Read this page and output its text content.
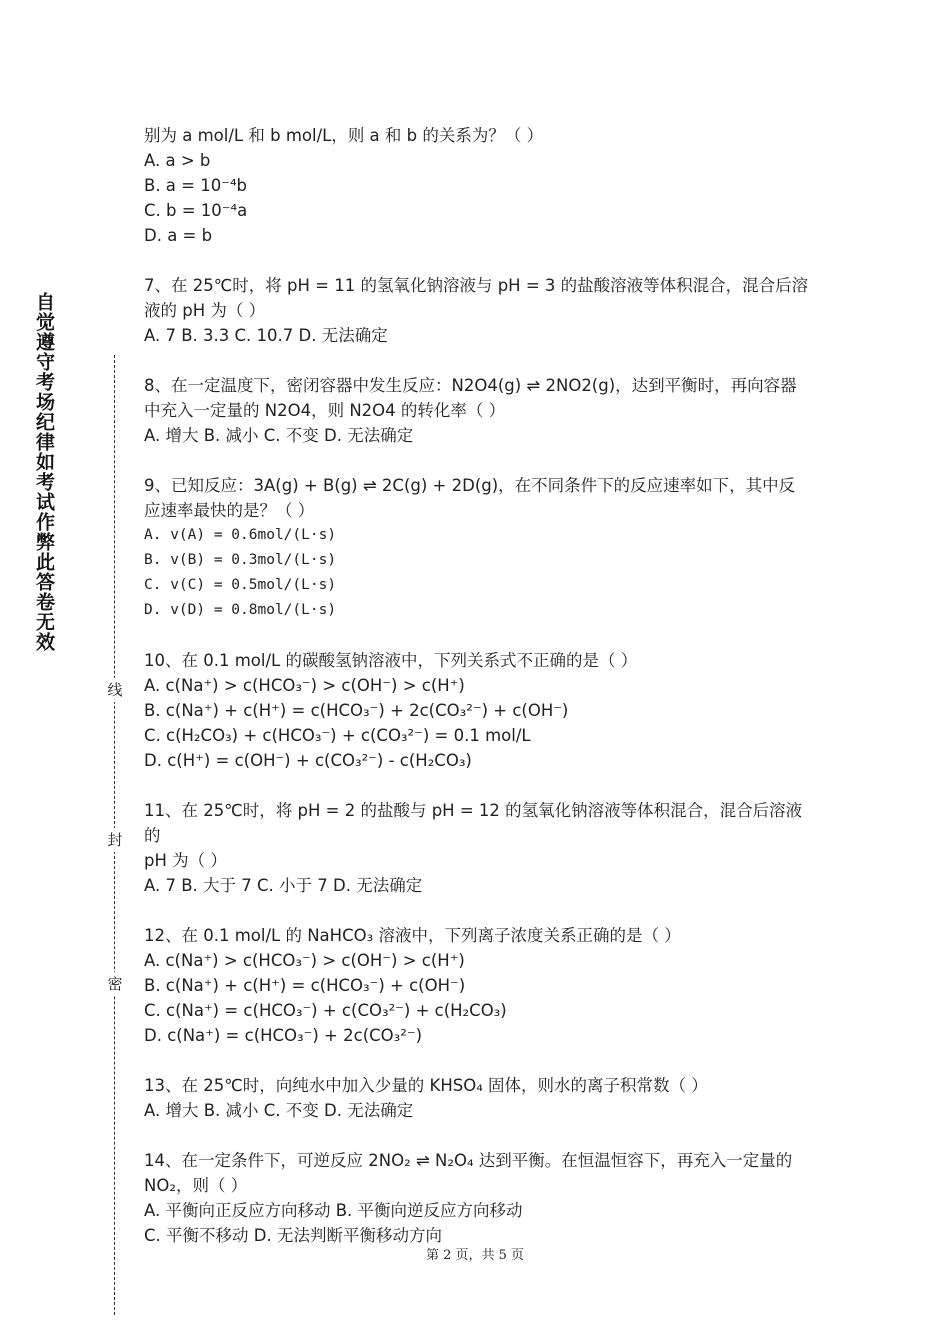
自觉遵守考场纪律如考试作弊此答卷无效
线
封
密

别为 a mol/L 和 b mol/L，则 a 和 b 的关系为？（ ）

A. a > b

B. a = 10⁻⁴b

C. b = 10⁻⁴a

D. a = b

7、在 25℃时，将 pH = 11 的氢氧化钠溶液与 pH = 3 的盐酸溶液等体积混合，混合后溶

液的 pH 为（ ）

A. 7 B. 3.3 C. 10.7 D. 无法确定

8、在一定温度下，密闭容器中发生反应：N2O4(g) ⇌ 2NO2(g)，达到平衡时，再向容器

中充入一定量的 N2O4，则 N2O4 的转化率（ ）

A. 增大 B. 减小 C. 不变 D. 无法确定

9、已知反应：3A(g) + B(g) ⇌ 2C(g) + 2D(g)，在不同条件下的反应速率如下，其中反

应速率最快的是？（ ）

A. v(A) = 0.6mol/(L·s)

B. v(B) = 0.3mol/(L·s)

C. v(C) = 0.5mol/(L·s)

D. v(D) = 0.8mol/(L·s)

10、在 0.1 mol/L 的碳酸氢钠溶液中，下列关系式不正确的是（ ）

A. c(Na⁺) > c(HCO₃⁻) > c(OH⁻) > c(H⁺)

B. c(Na⁺) + c(H⁺) = c(HCO₃⁻) + 2c(CO₃²⁻) + c(OH⁻)

C. c(H₂CO₃) + c(HCO₃⁻) + c(CO₃²⁻) = 0.1 mol/L

D. c(H⁺) = c(OH⁻) + c(CO₃²⁻) - c(H₂CO₃)

11、在 25℃时，将 pH = 2 的盐酸与 pH = 12 的氢氧化钠溶液等体积混合，混合后溶液的

pH 为（ ）

A. 7 B. 大于 7 C. 小于 7 D. 无法确定

12、在 0.1 mol/L 的 NaHCO₃ 溶液中，下列离子浓度关系正确的是（ ）

A. c(Na⁺) > c(HCO₃⁻) > c(OH⁻) > c(H⁺)

B. c(Na⁺) + c(H⁺) = c(HCO₃⁻) + c(OH⁻)

C. c(Na⁺) = c(HCO₃⁻) + c(CO₃²⁻) + c(H₂CO₃)

D. c(Na⁺) = c(HCO₃⁻) + 2c(CO₃²⁻)

13、在 25℃时，向纯水中加入少量的 KHSO₄ 固体，则水的离子积常数（ ）

A. 增大 B. 减小 C. 不变 D. 无法确定

14、在一定条件下，可逆反应 2NO₂ ⇌ N₂O₄ 达到平衡。在恒温恒容下，再充入一定量的

NO₂，则（ ）

A. 平衡向正反应方向移动 B. 平衡向逆反应方向移动

C. 平衡不移动 D. 无法判断平衡移动方向

第 2 页，共 5 页
